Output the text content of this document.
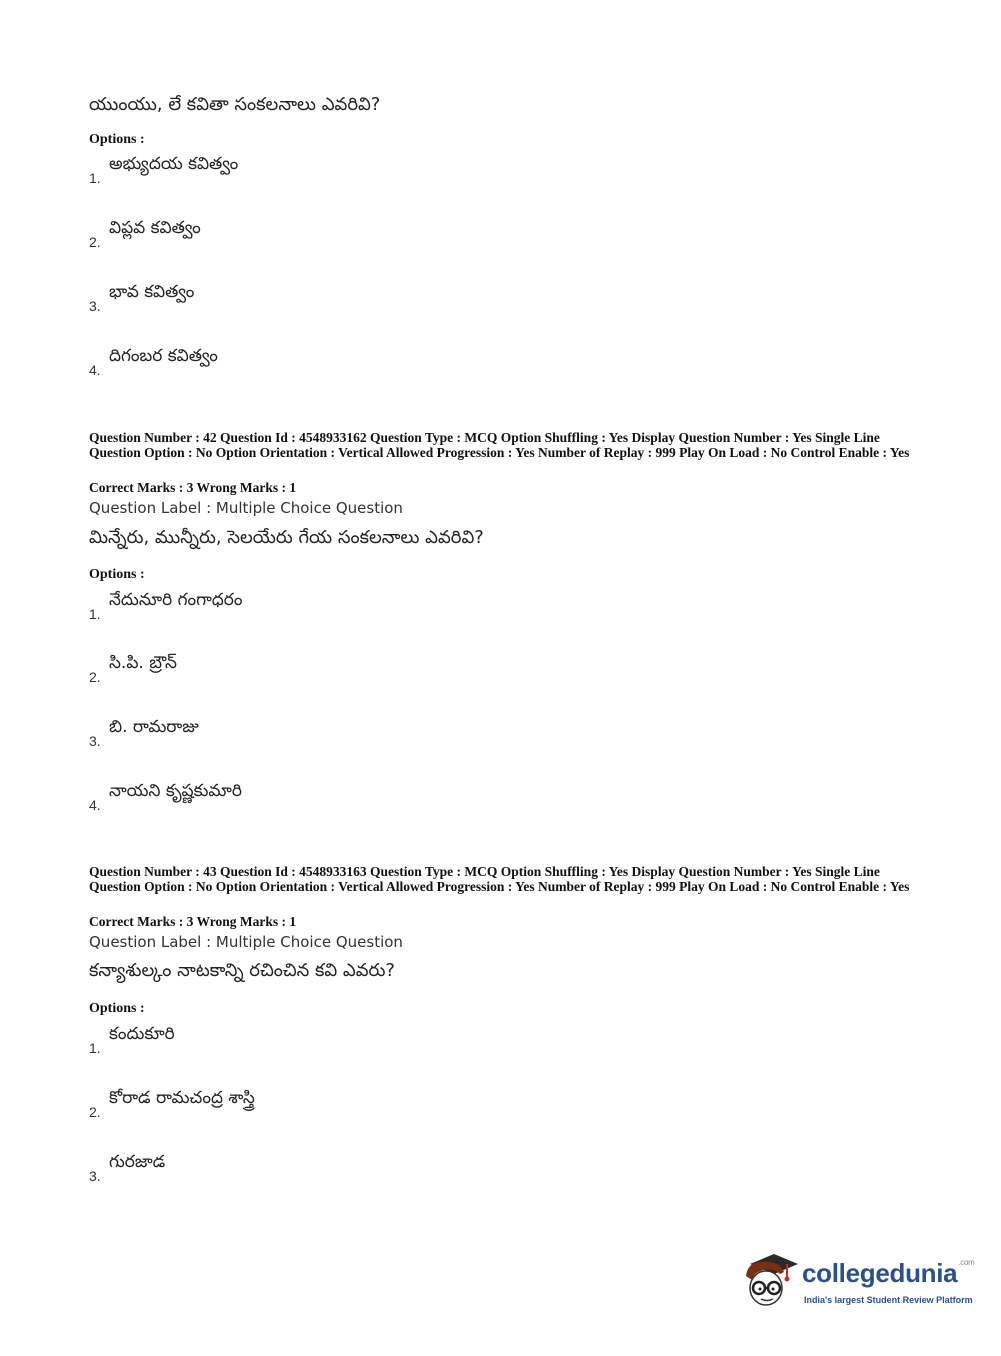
యుంయు, లే కవితా సంకలనాలు ఎవరివి?
Options :
1.
అభ్యుదయ కవిత్వం
2.
విప్లవ కవిత్వం
3.
భావ కవిత్వం
4.
దిగంబర కవిత్వం
Question Number : 42 Question Id : 4548933162 Question Type : MCQ Option Shuffling : Yes Display Question Number : Yes Single Line Question Option : No Option Orientation : Vertical Allowed Progression : Yes Number of Replay : 999 Play On Load : No Control Enable : Yes
Correct Marks : 3 Wrong Marks : 1
Question Label : Multiple Choice Question
మిన్నేరు, మున్నీరు, సెలయేరు గేయ సంకలనాలు ఎవరివి?
Options :
1.
నేదునూరి గంగాధరం
2.
సి.పి. బ్రౌన్
3.
బి. రామరాజు
4.
నాయని కృష్ణకుమారి
Question Number : 43 Question Id : 4548933163 Question Type : MCQ Option Shuffling : Yes Display Question Number : Yes Single Line Question Option : No Option Orientation : Vertical Allowed Progression : Yes Number of Replay : 999 Play On Load : No Control Enable : Yes
Correct Marks : 3 Wrong Marks : 1
Question Label : Multiple Choice Question
కన్యాశుల్కం నాటకాన్ని రచించిన కవి ఎవరు?
Options :
1.
కందుకూరి
2.
కోరాడ రామచంద్ర శాస్త్రి
3.
గురజాడ
collegedunia$^{.com}$
India's largest Student Review Platform
